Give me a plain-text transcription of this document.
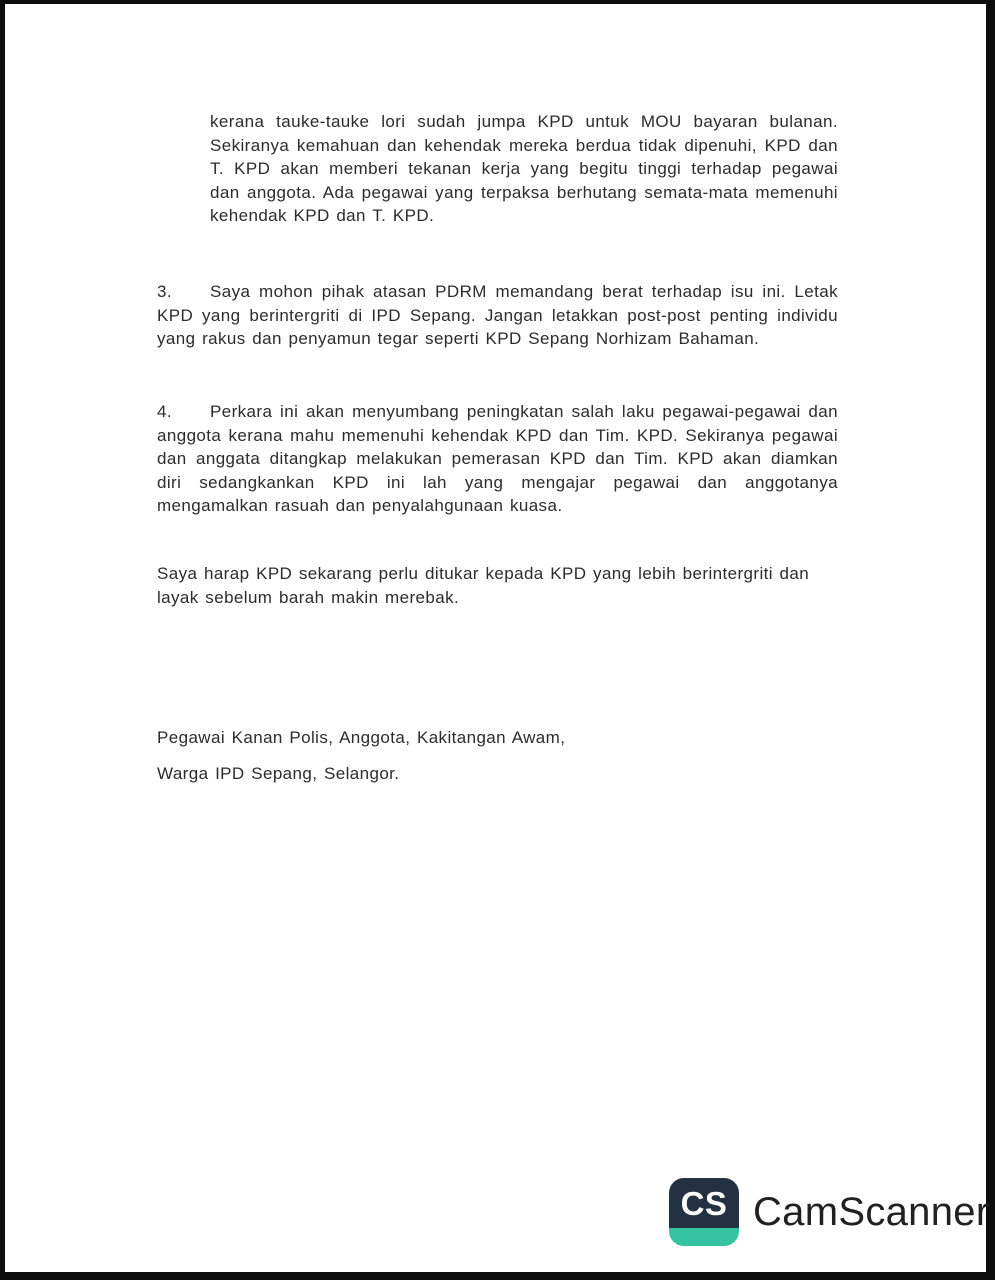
kerana tauke-tauke lori sudah jumpa KPD untuk MOU bayaran bulanan. Sekiranya kemahuan dan kehendak mereka berdua tidak dipenuhi, KPD dan T. KPD akan memberi tekanan kerja yang begitu tinggi terhadap pegawai dan anggota. Ada pegawai yang terpaksa berhutang semata-mata memenuhi kehendak KPD dan T. KPD.

3. Saya mohon pihak atasan PDRM memandang berat terhadap isu ini. Letak KPD yang berintergriti di IPD Sepang. Jangan letakkan post-post penting individu yang rakus dan penyamun tegar seperti KPD Sepang Norhizam Bahaman.

4. Perkara ini akan menyumbang peningkatan salah laku pegawai-pegawai dan anggota kerana mahu memenuhi kehendak KPD dan Tim. KPD. Sekiranya pegawai dan anggata ditangkap melakukan pemerasan KPD dan Tim. KPD akan diamkan diri sedangkankan KPD ini lah yang mengajar pegawai dan anggotanya mengamalkan rasuah dan penyalahgunaan kuasa.

Saya harap KPD sekarang perlu ditukar kepada KPD yang lebih berintergriti dan layak sebelum barah makin merebak.

Pegawai Kanan Polis, Anggota, Kakitangan Awam,

Warga IPD Sepang, Selangor.

CS CamScanner
